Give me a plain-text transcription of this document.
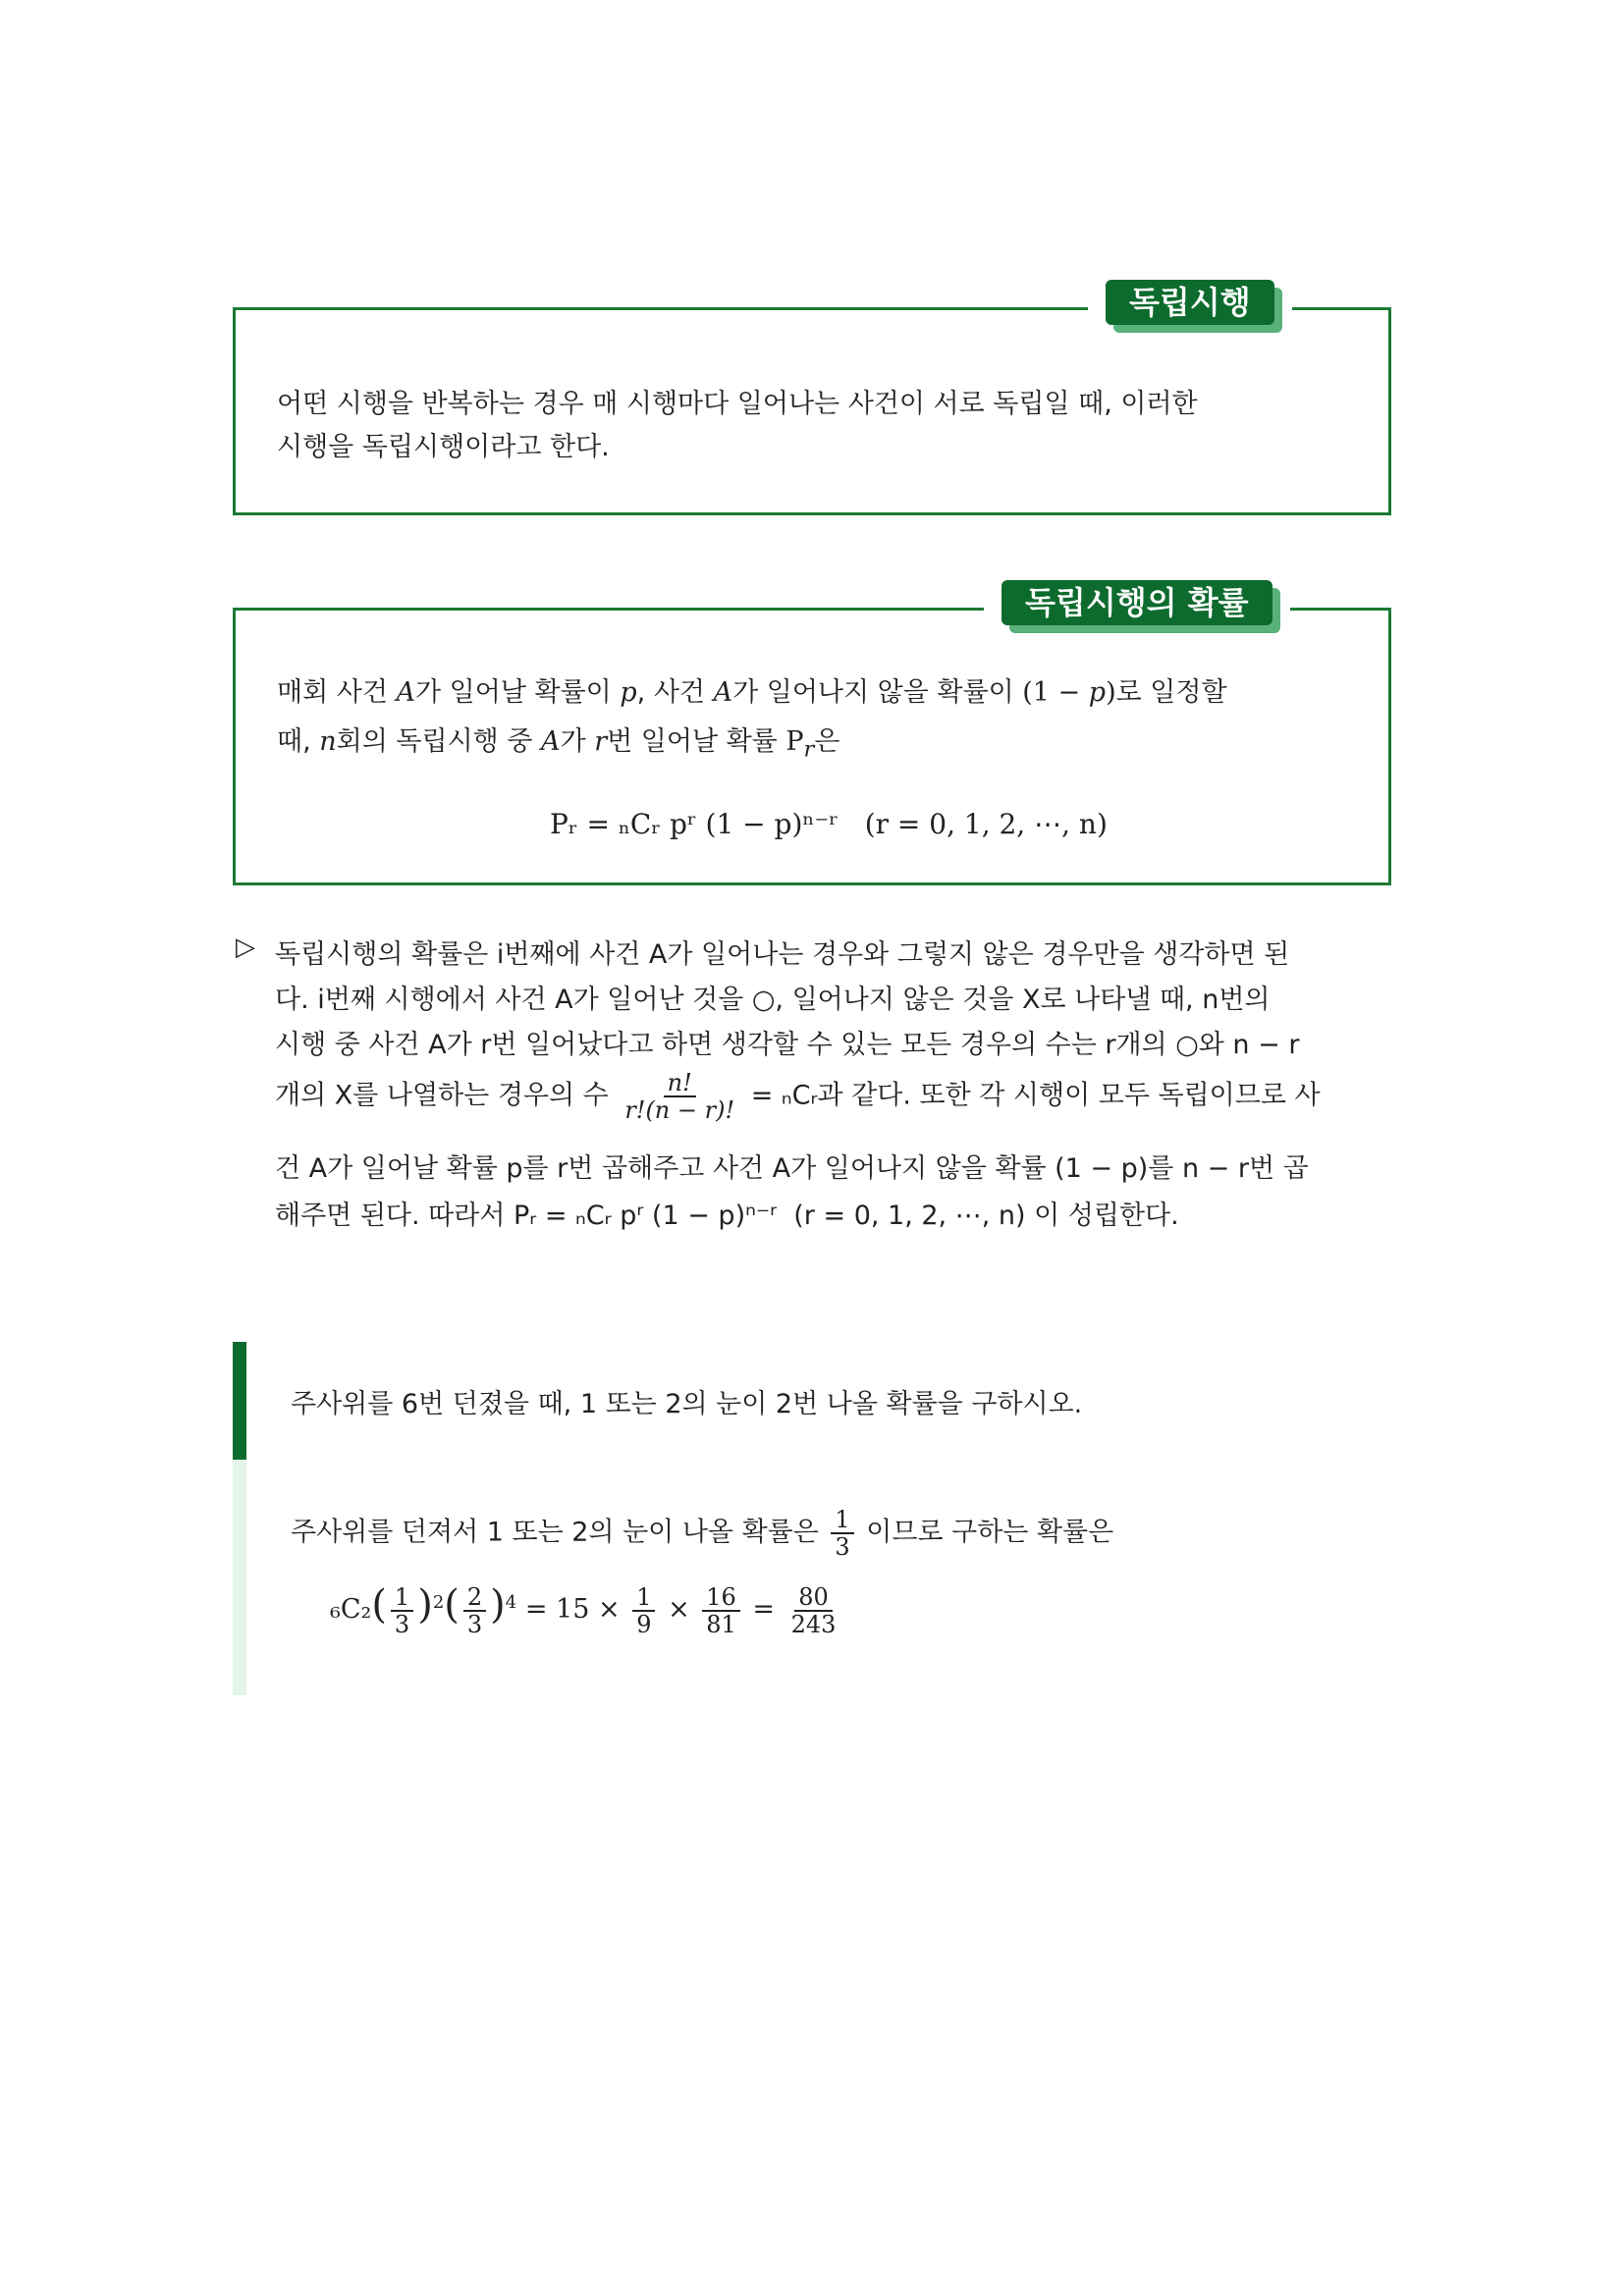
독립시행
어떤 시행을 반복하는 경우 매 시행마다 일어나는 사건이 서로 독립일 때, 이러한
시행을 독립시행이라고 한다.
독립시행의 확률
매회 사건 A가 일어날 확률이 p, 사건 A가 일어나지 않을 확률이 (1 − p)로 일정할
때, n회의 독립시행 중 A가 r번 일어날 확률 $P_r$은
Pᵣ = ₙCᵣ pʳ (1 − p)ⁿ⁻ʳ   (r = 0, 1, 2, ⋯, n)
▷ 독립시행의 확률은 i번째에 사건 A가 일어나는 경우와 그렇지 않은 경우만을 생각하면 된
다. i번째 시행에서 사건 A가 일어난 것을 ○, 일어나지 않은 것을 X로 나타낼 때, n번의
시행 중 사건 A가 r번 일어났다고 하면 생각할 수 있는 모든 경우의 수는 r개의 ○와 n − r
개의 X를 나열하는 경우의 수 $\frac{n!}{r!(n - r)!}$ = ₙCᵣ과 같다. 또한 각 시행이 모두 독립이므로 사
건 A가 일어날 확률 p를 r번 곱해주고 사건 A가 일어나지 않을 확률 (1 − p)를 n − r번 곱
해주면 된다. 따라서 Pᵣ = ₙCᵣ pʳ (1 − p)ⁿ⁻ʳ  (r = 0, 1, 2, ⋯, n) 이 성립한다.
주사위를 6번 던졌을 때, 1 또는 2의 눈이 2번 나올 확률을 구하시오.
주사위를 던져서 1 또는 2의 눈이 나올 확률은 $\frac{1}{3}$ 이므로 구하는 확률은
$_6C_2( \frac{1}{3} )^2( \frac{2}{3} )^4 = 15 \times \frac{1}{9} \times \frac{16}{81} = \frac{80}{243}$
